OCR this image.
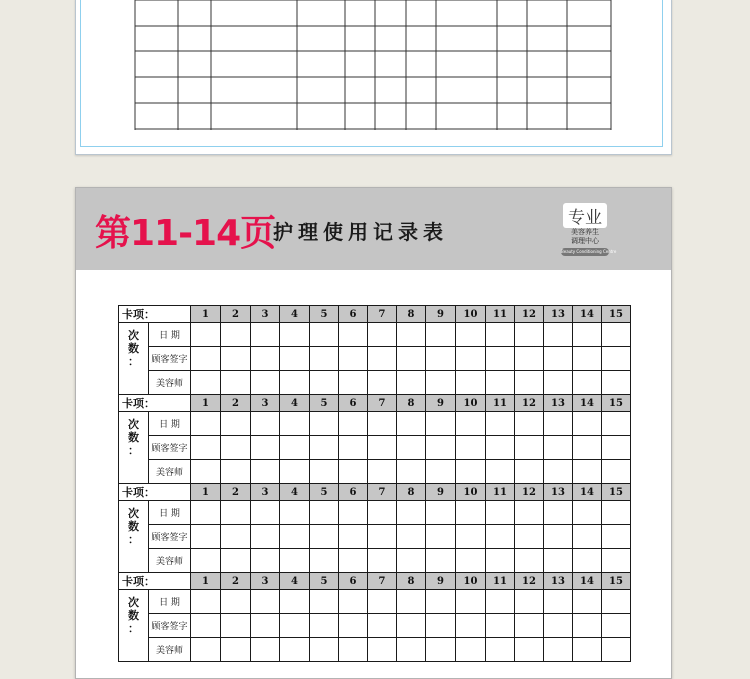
第11-14页
护理使用记录表
专业
美容养生
调理中心
Beauty Conditioning Centre
卡项：		1	2	3	4	5	6	7	8	9	10	11	12	13	14	15
次
数
：	日 期															
	顾客签字															
	美容师															
卡项：		1	2	3	4	5	6	7	8	9	10	11	12	13	14	15
次
数
：	日 期															
	顾客签字															
	美容师															
卡项：		1	2	3	4	5	6	7	8	9	10	11	12	13	14	15
次
数
：	日 期															
	顾客签字															
	美容师															
卡项：		1	2	3	4	5	6	7	8	9	10	11	12	13	14	15
次
数
：	日 期															
	顾客签字															
	美容师															
